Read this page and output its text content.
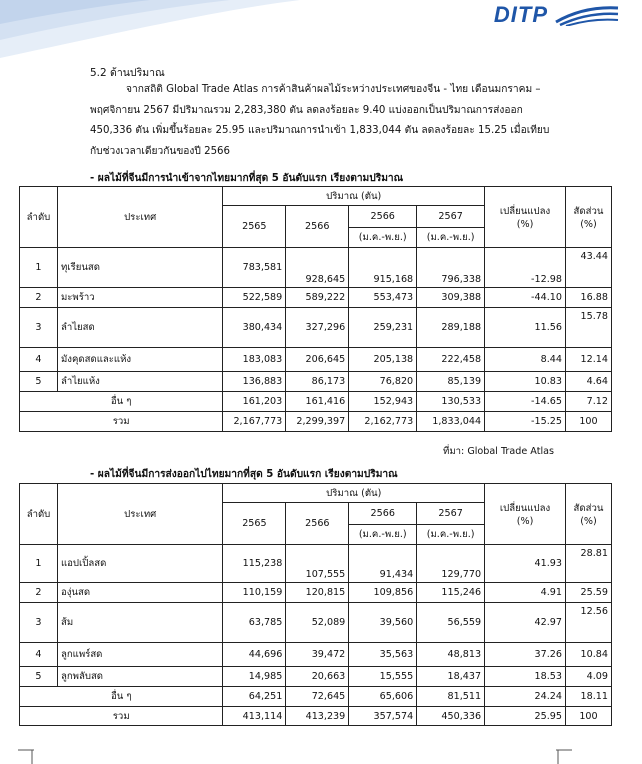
DITP
5.2 ด้านปริมาณ
จากสถิติ Global Trade Atlas การค้าสินค้าผลไม้ระหว่างประเทศของจีน - ไทย เดือนมกราคม – พฤศจิกายน 2567 มีปริมาณรวม 2,283,380 ตัน ลดลงร้อยละ 9.40 แบ่งออกเป็นปริมาณการส่งออก 450,336 ตัน เพิ่มขึ้นร้อยละ 25.95 และปริมาณการนำเข้า 1,833,044 ตัน ลดลงร้อยละ 15.25 เมื่อเทียบกับช่วงเวลาเดียวกันของปี 2566
- ผลไม้ที่จีนมีการนำเข้าจากไทยมากที่สุด 5 อันดับแรก เรียงตามปริมาณ
ลำดับ	ประเทศ	ปริมาณ (ตัน)				เปลี่ยนแปลง
(%)	สัดส่วน
(%)
		2565	2566	2566	2567		
				(ม.ค.-พ.ย.)	(ม.ค.-พ.ย.)		
1	ทุเรียนสด	783,581	928,645	915,168	796,338	-12.98	43.44
2	มะพร้าว	522,589	589,222	553,473	309,388	-44.10	16.88
3	ลำไยสด	380,434	327,296	259,231	289,188	11.56	15.78
4	มังคุดสดและแห้ง	183,083	206,645	205,138	222,458	8.44	12.14
5	ลำไยแห้ง	136,883	86,173	76,820	85,139	10.83	4.64
อื่น ๆ		161,203	161,416	152,943	130,533	-14.65	7.12
รวม		2,167,773	2,299,397	2,162,773	1,833,044	-15.25	100
ที่มา: Global Trade Atlas
- ผลไม้ที่จีนมีการส่งออกไปไทยมากที่สุด 5 อันดับแรก เรียงตามปริมาณ
ลำดับ	ประเทศ	ปริมาณ (ตัน)				เปลี่ยนแปลง
(%)	สัดส่วน
(%)
		2565	2566	2566	2567		
				(ม.ค.-พ.ย.)	(ม.ค.-พ.ย.)		
1	แอปเปิ้ลสด	115,238	107,555	91,434	129,770	41.93	28.81
2	องุ่นสด	110,159	120,815	109,856	115,246	4.91	25.59
3	ส้ม	63,785	52,089	39,560	56,559	42.97	12.56
4	ลูกแพร์สด	44,696	39,472	35,563	48,813	37.26	10.84
5	ลูกพลับสด	14,985	20,663	15,555	18,437	18.53	4.09
อื่น ๆ		64,251	72,645	65,606	81,511	24.24	18.11
รวม		413,114	413,239	357,574	450,336	25.95	100
